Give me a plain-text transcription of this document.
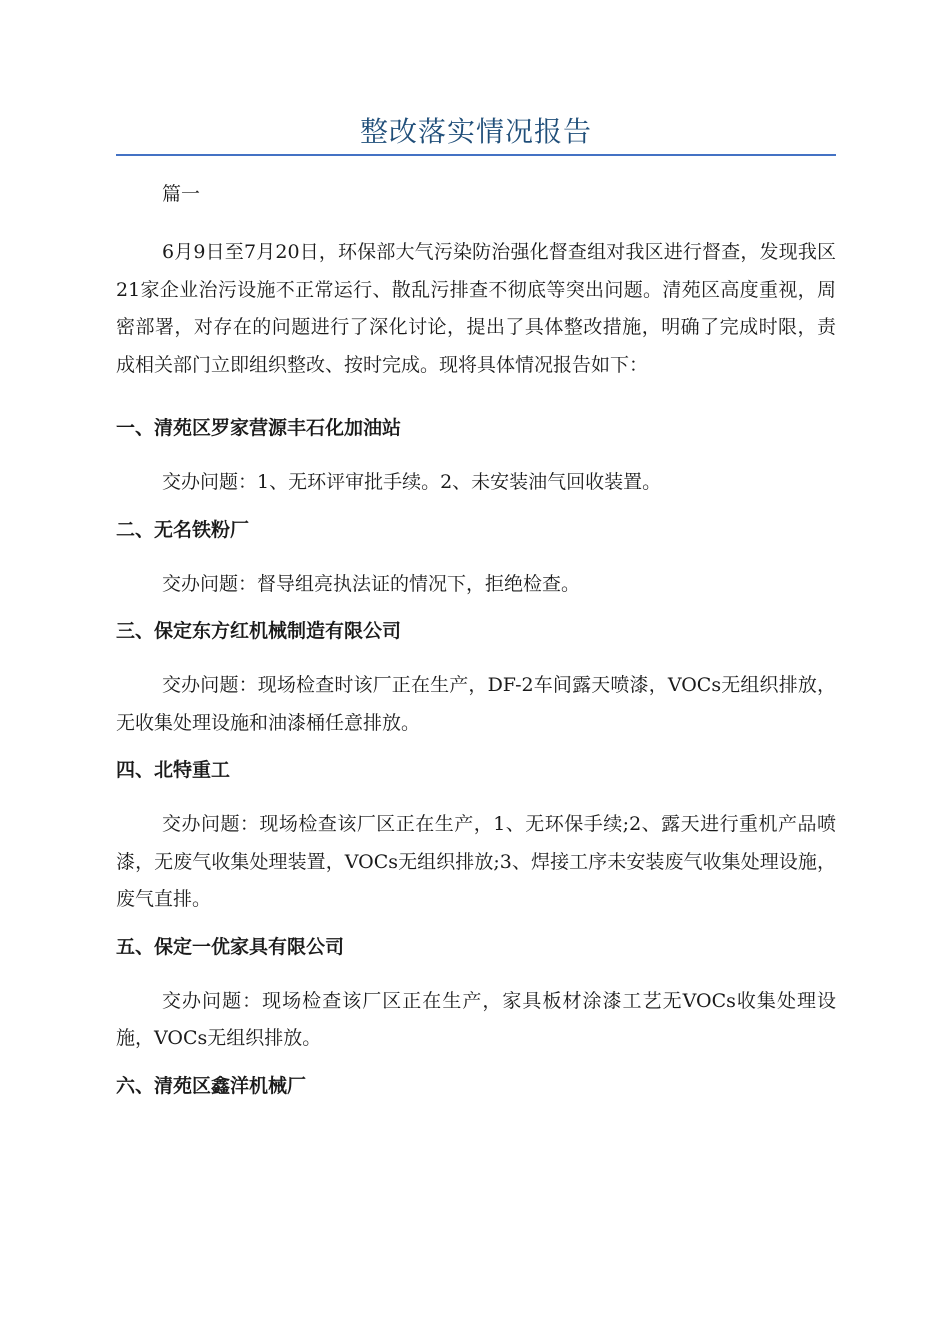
整改落实情况报告
篇一

6月9日至7月20日，环保部大气污染防治强化督查组对我区进行督查，发现我区21家企业治污设施不正常运行、散乱污排查不彻底等突出问题。清苑区高度重视，周密部署，对存在的问题进行了深化讨论，提出了具体整改措施，明确了完成时限，责成相关部门立即组织整改、按时完成。现将具体情况报告如下：

一、清苑区罗家营源丰石化加油站

交办问题：1、无环评审批手续。2、未安装油气回收装置。

二、无名铁粉厂

交办问题：督导组亮执法证的情况下，拒绝检查。

三、保定东方红机械制造有限公司

交办问题：现场检查时该厂正在生产，DF-2车间露天喷漆，VOCs无组织排放，无收集处理设施和油漆桶任意排放。

四、北特重工

交办问题：现场检查该厂区正在生产，1、无环保手续;2、露天进行重机产品喷漆，无废气收集处理装置，VOCs无组织排放;3、焊接工序未安装废气收集处理设施，废气直排。

五、保定一优家具有限公司

交办问题：现场检查该厂区正在生产，家具板材涂漆工艺无VOCs收集处理设施，VOCs无组织排放。

六、清苑区鑫洋机械厂
